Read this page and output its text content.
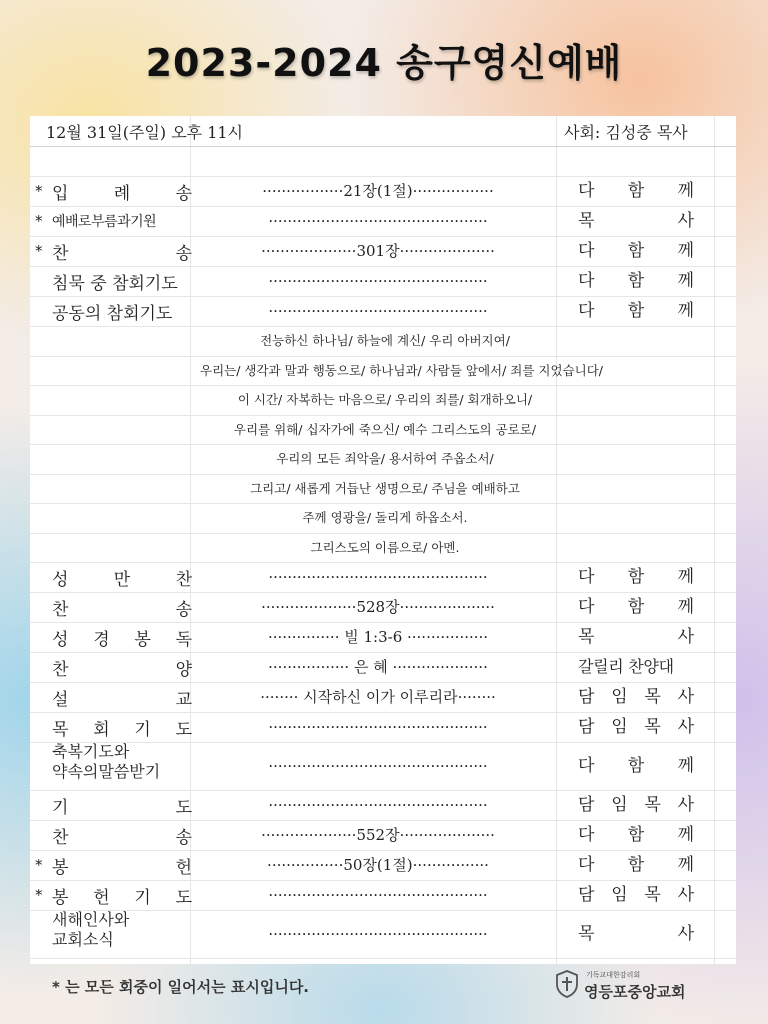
2023-2024 송구영신예배
12월 31일(주일) 오후 11시	사회: 김성중 목사
* 입	례	송	·················21장(1절)·················	다 함 께
* 예배로부름과기원	··············································	목	사
* 찬	송	····················301장····················	다 함 께
침묵 중 참회기도	··············································	다 함 께
공동의 참회기도	··············································	다 함 께
전능하신 하나님/ 하늘에 계신/ 우리 아버지여/
우리는/ 생각과 말과 행동으로/ 하나님과/ 사람들 앞에서/ 죄를 지었습니다/
이 시간/ 자복하는 마음으로/ 우리의 죄를/ 회개하오니/
우리를 위해/ 십자가에 죽으신/ 예수 그리스도의 공로로/
우리의 모든 죄악을/ 용서하여 주옵소서/
그리고/ 새롭게 거듭난 생명으로/ 주님을 예배하고
주께 영광을/ 돌리게 하옵소서.
그리스도의 이름으로/ 아멘.
성	만	찬	··············································	다 함 께
찬	송	····················528장····················	다 함 께
성 경 봉 독	··············· 빌 1:3-6 ·················	목	사
찬	양	················· 은 혜 ····················	갈릴리 찬양대
설	교	········ 시작하신 이가 이루리라········	담 임 목 사
목 회 기 도	··············································	담 임 목 사
축복기도와
약속의말씀받기	··············································	다 함 께
기	도	··············································	담 임 목 사
찬	송	····················552장····················	다 함 께
* 봉	헌	················50장(1절)················	다 함 께
* 봉 헌 기 도	··············································	담 임 목 사
새해인사와
교회소식	··············································	목	사
* 는 모든 회중이 일어서는 표시입니다.
기독교대한감리회
영등포중앙교회
